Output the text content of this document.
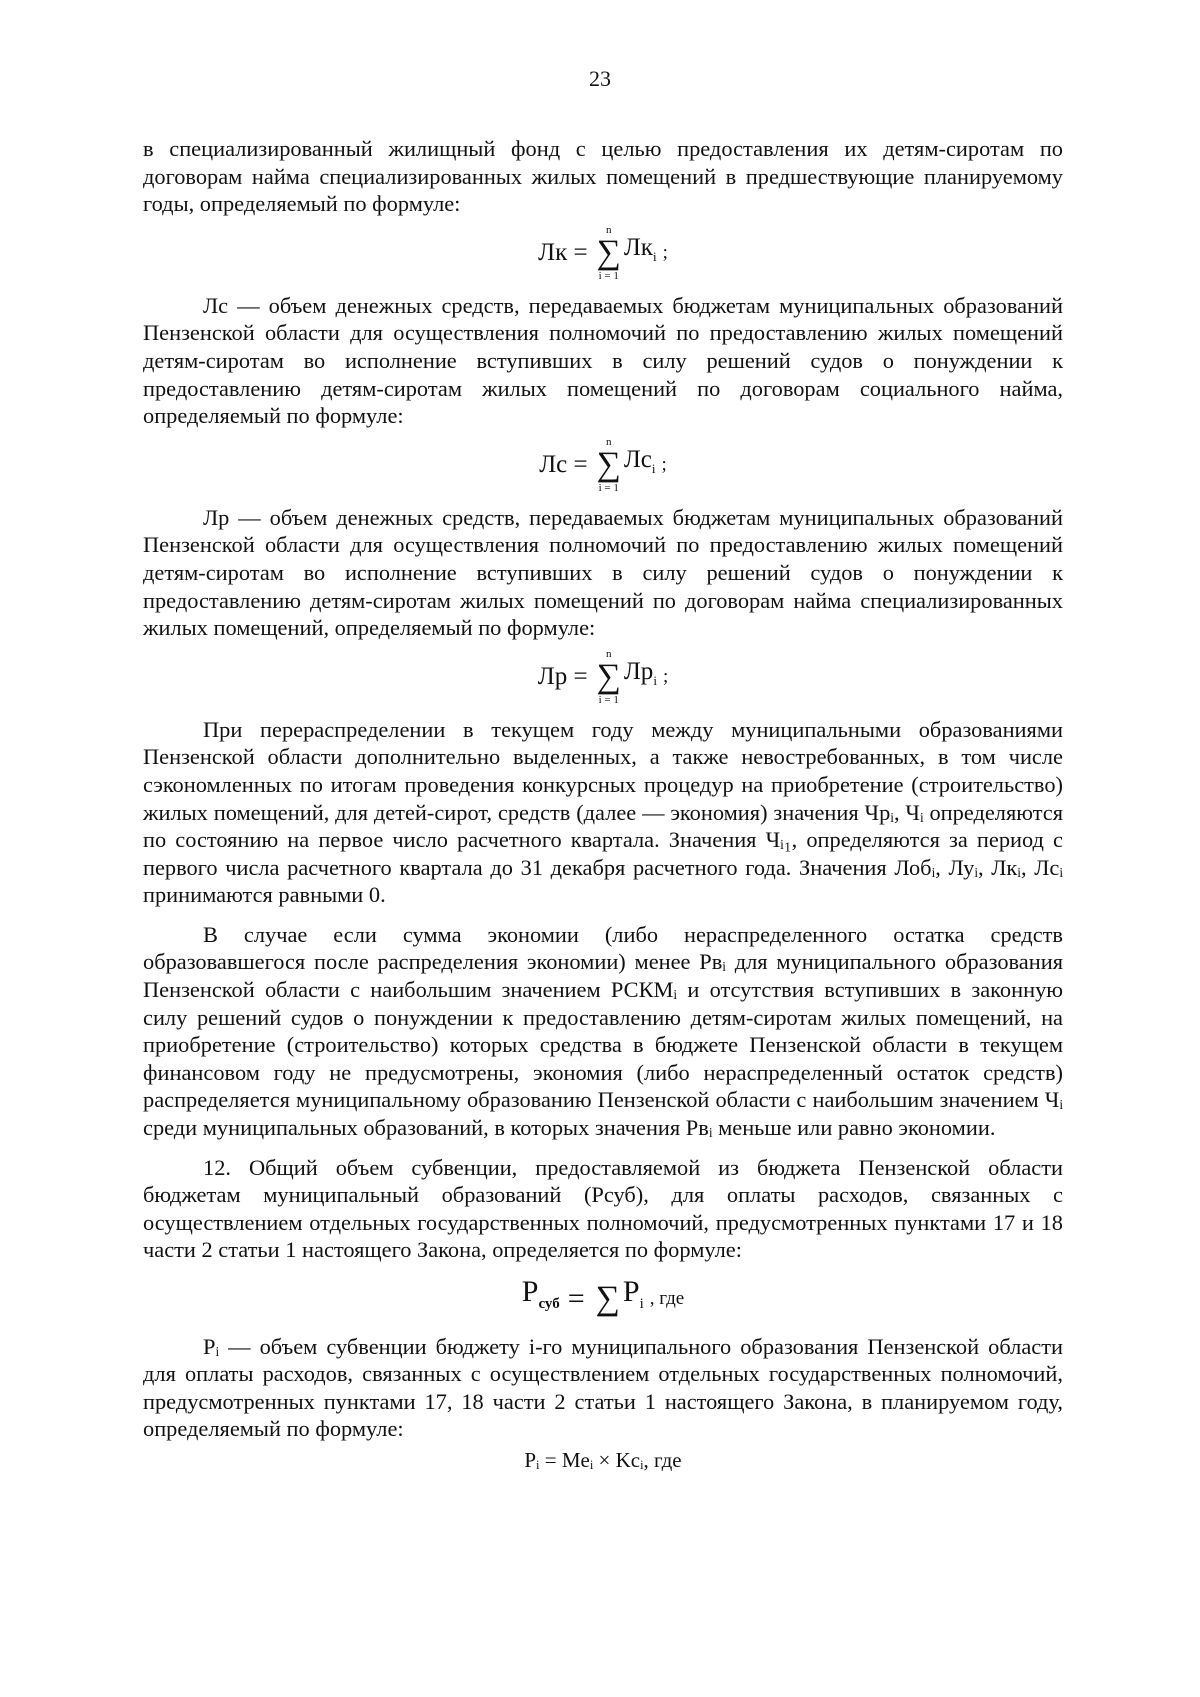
23

в специализированный жилищный фонд с целью предоставления их детям-сиротам по договорам найма специализированных жилых помещений в предшествующие планируемому годы, определяемый по формуле:

Лк =
n
∑
i = 1
$Лк_i$ ;

Лс — объем денежных средств, передаваемых бюджетам муниципальных образований Пензенской области для осуществления полномочий по предоставлению жилых помещений детям-сиротам во исполнение вступивших в силу решений судов о понуждении к предоставлению детям-сиротам жилых помещений по договорам социального найма, определяемый по формуле:

Лс =
n
∑
i = 1
$Лс_i$ ;

Лр — объем денежных средств, передаваемых бюджетам муниципальных образований Пензенской области для осуществления полномочий по предоставлению жилых помещений детям-сиротам во исполнение вступивших в силу решений судов о понуждении к предоставлению детям-сиротам жилых помещений по договорам найма специализированных жилых помещений, определяемый по формуле:

Лр =
n
∑
i = 1
$Лр_i$ ;

При перераспределении в текущем году между муниципальными образованиями Пензенской области дополнительно выделенных, а также невостребованных, в том числе сэкономленных по итогам проведения конкурсных процедур на приобретение (строительство) жилых помещений, для детей-сирот, средств (далее — экономия) значения Чрᵢ, Чᵢ определяются по состоянию на первое число расчетного квартала. Значения Чᵢ₁, определяются за период с первого числа расчетного квартала до 31 декабря расчетного года. Значения Лобᵢ, Луᵢ, Лкᵢ, Лсᵢ принимаются равными 0.

В случае если сумма экономии (либо нераспределенного остатка средств образовавшегося после распределения экономии) менее Рвᵢ для муниципального образования Пензенской области с наибольшим значением РСКМᵢ и отсутствия вступивших в законную силу решений судов о понуждении к предоставлению детям-сиротам жилых помещений, на приобретение (строительство) которых средства в бюджете Пензенской области в текущем финансовом году не предусмотрены, экономия (либо нераспределенный остаток средств) распределяется муниципальному образованию Пензенской области с наибольшим значением Чᵢ среди муниципальных образований, в которых значения Рвᵢ меньше или равно экономии.

12. Общий объем субвенции, предоставляемой из бюджета Пензенской области бюджетам муниципальный образований (Рсуб), для оплаты расходов, связанных с осуществлением отдельных государственных полномочий, предусмотренных пунктами 17 и 18 части 2 статьи 1 настоящего Закона, определяется по формуле:

$P_{суб}$ = ∑ $P_i$ , где

Pᵢ — объем субвенции бюджету i-го муниципального образования Пензенской области для оплаты расходов, связанных с осуществлением отдельных государственных полномочий, предусмотренных пунктами 17, 18 части 2 статьи 1 настоящего Закона, в планируемом году, определяемый по формуле:

Pᵢ = Meᵢ × Kcᵢ, где
